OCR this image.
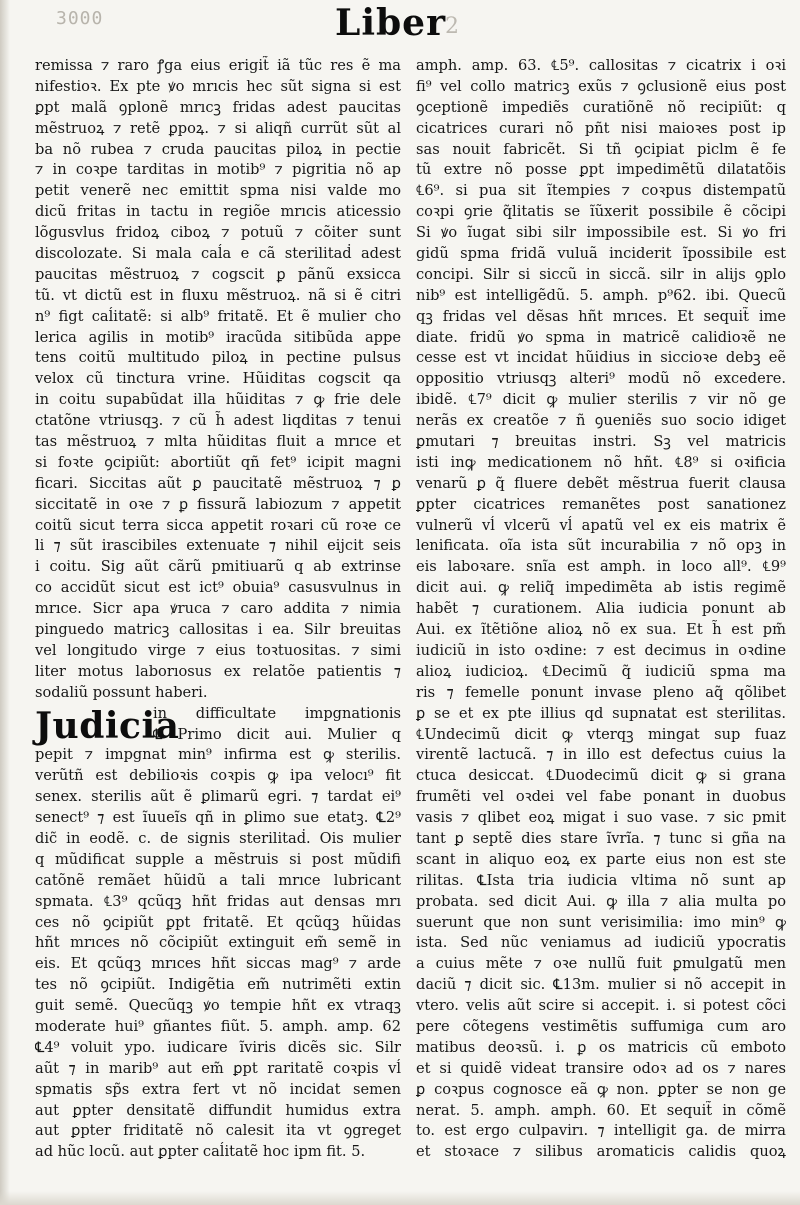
3000	Liber
2
remissa ⁊ raro ꝭga eius erigit̃ iã tũc res ẽ ma
nifestioꝛ. Ex pte ꝟo mrıcis hec sũt signa si est
ꝑpt malã ꝯplonẽ mrıcꝫ fridas adest paucitas
mẽstruoꝝ ⁊ retẽ ꝑpoꝝ. ⁊ si aliqñ currũt sũt al
ba nõ rubea ⁊ cruda paucitas piloꝝ in pectie
⁊ in coꝛpe tarditas in motib⁹ ⁊ pigritia nõ ap
petit venerẽ nec emittit spma nisi valde mo
dicũ fritas in tactu in regiõe mrıcis aticessio
lõgusvlus fridoꝝ ciboꝝ ⁊ potuũ ⁊ cõiter sunt
discolozate. Si mala caĺa e cã sterilitaḋ adest
paucitas mẽstruoꝝ ⁊ cogscit ꝑ pãnũ exsicca
tũ. vt dictũ est in fluxu mẽstruoꝝ. nã si ẽ citri
n⁹ figt caĺitatẽ: si alb⁹ fritatẽ. Et ẽ mulier cho
lerica agilis in motib⁹ iracũda sitibũda appe
tens coitũ multitudo piloꝝ in pectine pulsus
velox cũ tinctura vrine. Hũiditas cogscit qa
in coitu supabũdat illa hũiditas ⁊ ꝙ frie dele
ctatõne vtriusqꝫ. ⁊ cũ h̃ adest liqditas ⁊ tenui
tas mẽstruoꝝ ⁊ mlta hũiditas fluit a mrıce et
si foꝛte ꝯcipiũt: abortiũt qñ fet⁹ icipit magni
ficari. Siccitas aũt ꝑ paucitatẽ mẽstruoꝝ ⁊ ꝑ
siccitatẽ in oꝛe ⁊ ꝑ fissurã labiozum ⁊ appetit
coitũ sicut terra sicca appetit roꝛari cũ roꝛe ce
li ⁊ sũt irascibiles extenuate ⁊ nihil eijcit seis
i coitu. Sig aũt cãrũ pmitiuarũ q ab extrinse
co accidũt sicut est ict⁹ obuia⁹ casusvulnus in
mrıce. Sicr apa ꝟruca ⁊ caro addita ⁊ nimia
pinguedo matricꝫ callositas i ea. Silr breuitas
vel longitudo virge ⁊ eius toꝛtuositas. ⁊ simi
liter motus laborıosus ex relatõe patientis ⁊
sodaliũ possunt haberi.
Judicia
in difficultate impgnationis
℄ Primo dicit aui. Mulier q
pepit ⁊ impgnat min⁹ infirma est ꝙ sterilis.
verũtñ est debilioꝛis coꝛpis ꝙ ipa velocı⁹ fit
senex. sterilis aũt ẽ ꝑlimarũ egri. ⁊ tardat ei⁹
senect⁹ ⁊ est ĩuueĩs qñ in ꝑlimo sue etatꝫ. ℄2⁹
dic̃ in eodẽ. c. de signis sterilitaḋ. Ois mulier
q mũdificat supple a mẽstruis si post mũdifi
catõnẽ remãet hũidũ a tali mrıce lubricant
spmata. ℄3⁹ qcũqꝫ hñt fridas aut densas mrı
ces nõ ꝯcipiũt ꝑpt fritatẽ. Et qcũqꝫ hũidas
hñt mrıces nõ cõcipiũt extinguit em̃ semẽ in
eis. Et qcũqꝫ mrıces hñt siccas mag⁹ ⁊ arde
tes nõ ꝯcipiũt. Indigẽtia em̃ nutrimẽti extin
guit semẽ. Quecũqꝫ ꝟo tempie hñt ex vtraqꝫ
moderate hui⁹ gñantes fiũt. 5. amph. amp. 62
℄4⁹ voluit ypo. iudicare ĩviris dicẽs sic. Silr
aũt ⁊ in marib⁹ aut em̃ ꝑpt raritatẽ coꝛpis vĺ
spmatis sp̃s extra fert vt nõ incidat semen
aut ꝑpter densitatẽ diffundit humidus extra
aut ꝑpter friditatẽ nõ calesit ita vt ꝯgreget
ad hũc locũ. aut ꝑpter caĺitatẽ hoc ipm fit. 5.
amph. amp. 63. ℄5⁹. callositas ⁊ cicatrix i oꝛi
fi⁹ vel collo matricꝫ exũs ⁊ ꝯclusionẽ eius post
ꝯceptionẽ impediẽs curatiõnẽ nõ recipiũt: q
cicatrices curari nõ pñt nisi maioꝛes post ip
sas nouit fabricẽt. Si tñ ꝯcipiat piclm ẽ fe
tũ extre nõ posse ꝑpt impedimẽtũ dilatatõis
℄6⁹. si pua sit ĩtempies ⁊ coꝛpus distempatũ
coꝛpi ꝯrie q̃litatis se ĩũxerit possibile ẽ cõcipi
Si ꝟo ĩugat sibi silr impossibile est. Si ꝟo fri
gidũ spma fridã vuluã inciderit ĩpossibile est
concipi. Silr si siccũ in siccã. silr in alijs ꝯplo
nib⁹ est intelligẽdũ. 5. amph. p⁹62. ibi. Quecũ
qꝫ fridas vel dẽsas hñt mrıces. Et sequit̃ ime
diate. fridũ ꝟo spma in matricẽ calidioꝛẽ ne
cesse est vt incidat hũidius in siccioꝛe debꝫ eẽ
oppositio vtriusqꝫ alteri⁹ modũ nõ excedere.
ibidẽ. ℄7⁹ dicit ꝙ mulier sterilis ⁊ vir nõ ge
nerãs ex creatõe ⁊ ñ ꝯueniẽs suo socio idiget
ꝑmutari ⁊ breuitas instri. Sꝫ vel matricis
isti inꝙ medicationem nõ hñt. ℄8⁹ si oꝛificia
venarũ ꝑ q̃ fluere debẽt mẽstrua fuerit clausa
ꝑpter cicatrices remanẽtes post sanationez
vulnerũ vĺ vlcerũ vĺ apatũ vel ex eis matrix ẽ
lenificata. oĩa ista sũt incurabilia ⁊ nõ opꝫ in
eis laboꝛare. snĩa est amph. in loco all⁹. ℄9⁹
dicit aui. ꝙ reliq̃ impedimẽta ab istis regimẽ
habẽt ⁊ curationem. Alia iudicia ponunt ab
Aui. ex ĩtẽtiõne alioꝝ nõ ex sua. Et h̃ est pm̃
iudiciũ in isto oꝛdine: ⁊ est decimus in oꝛdine
alioꝝ iudicioꝝ. ℄Decimũ q̃ iudiciũ spma ma
ris ⁊ femelle ponunt invase pleno aq̃ qõlibet
ꝑ se et ex pte illius qd supnatat est sterilitas.
℄Undecimũ dicit ꝙ vterqꝫ mingat sup fuaz
virentẽ lactucã. ⁊ in illo est defectus cuius la
ctuca desiccat. ℄Duodecimũ dicit ꝙ si grana
frumẽti vel oꝛdei vel fabe ponant in duobus
vasis ⁊ qlibet eoꝝ migat i suo vase. ⁊ sic pmit
tant ꝑ septẽ dies stare ĩvrĩa. ⁊ tunc si gña na
scant in aliquo eoꝝ ex parte eius non est ste
rilitas. ℄Ista tria iudicia vltima nõ sunt ap
probata. sed dicit Aui. ꝙ illa ⁊ alia multa po
suerunt que non sunt verisimilia: imo min⁹ ꝙ
ista. Sed nũc veniamus ad iudiciũ ypocratis
a cuius mẽte ⁊ oꝛe nullũ fuit ꝑmulgatũ men
daciũ ⁊ dicit sic. ℄13m. mulier si nõ accepit in
vtero. velis aũt scire si accepit. i. si potest cõci
pere cõtegens vestimẽtis suffumiga cum aro
matibus deoꝛsũ. i. ꝑ os matricis cũ emboto
et si quidẽ videat transire odoꝛ ad os ⁊ nares
ꝑ coꝛpus cognosce eã ꝙ non. ꝑpter se non ge
nerat. 5. amph. amph. 60. Et sequit̃ in cõmẽ
to. est ergo culpavirı. ⁊ intelligit ga. de mirra
et stoꝛace ⁊ silibus aromaticis calidis quoꝝ
